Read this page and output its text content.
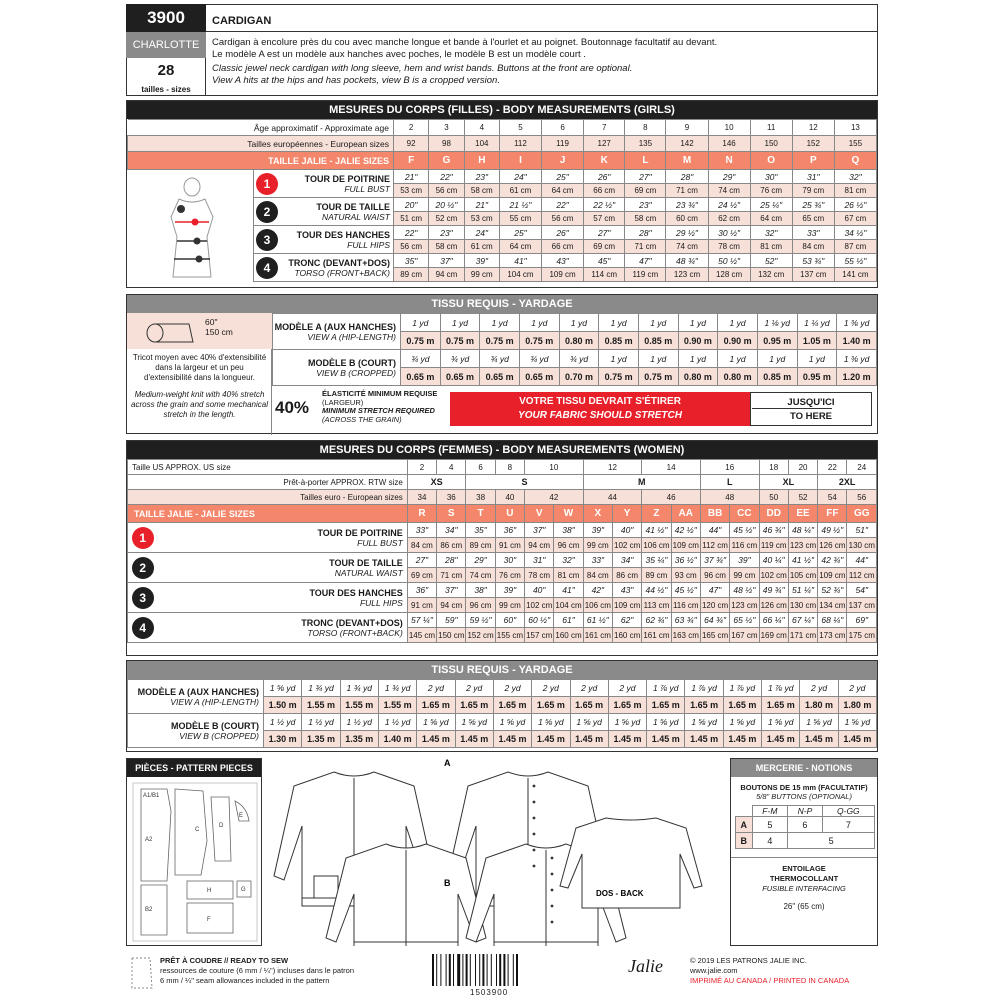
3900	CARDIGAN
CHARLOTTE
28
tailles - sizes
Cardigan à encolure près du cou avec manche longue et bande à l'ourlet et au poignet. Boutonnage facultatif au devant.
Le modèle A est un modèle aux hanches avec poches, le modèle B est un modèle court .
Classic jewel neck cardigan with long sleeve, hem and wrist bands. Buttons at the front are optional.
View A hits at the hips and has pockets, view B is a cropped version.
MESURES DU CORPS (FILLES) - BODY MEASUREMENTS (GIRLS)
Âge approximatif - Approximate age		2	3	4	5	6	7	8	9	10	11	12	13
Tailles européennes - European sizes		92	98	104	112	119	127	135	142	146	150	152	155
TAILLE JALIE - JALIE SIZES		F	G	H	I	J	K	L	M	N	O	P	Q
	1 TOUR DE POITRINE
FULL BUST	21"	22"	23"	24"	25"	26"	27"	28"	29"	30"	31"	32"
		53 cm	56 cm	58 cm	61 cm	64 cm	66 cm	69 cm	71 cm	74 cm	76 cm	79 cm	81 cm
	2 TOUR DE TAILLE
NATURAL WAIST	20"	20 ½"	21"	21 ½"	22"	22 ½"	23"	23 ¾"	24 ½"	25 ¼"	25 ¾"	26 ½"
		51 cm	52 cm	53 cm	55 cm	56 cm	57 cm	58 cm	60 cm	62 cm	64 cm	65 cm	67 cm
	3 TOUR DES HANCHES
FULL HIPS	22"	23"	24"	25"	26"	27"	28"	29 ½"	30 ½"	32"	33"	34 ½"
		56 cm	58 cm	61 cm	64 cm	66 cm	69 cm	71 cm	74 cm	78 cm	81 cm	84 cm	87 cm
	4 TRONC (DEVANT+DOS)
TORSO (FRONT+BACK)	35"	37"	39"	41"	43"	45"	47"	48 ¾"	50 ½"	52"	53 ¾"	55 ½"
		89 cm	94 cm	99 cm	104 cm	109 cm	114 cm	119 cm	123 cm	128 cm	132 cm	137 cm	141 cm
TISSU REQUIS - YARDAGE
60"
150 cm
Tricot moyen avec 40% d'extensibilité dans la largeur et un peu d'extensibilité dans la longueur.
Medium-weight knit with 40% stretch across the grain and some mechanical stretch in the length.
MODÈLE A (AUX HANCHES)
VIEW A (HIP-LENGTH)	1 yd	1 yd	1 yd	1 yd	1 yd	1 yd	1 yd	1 yd	1 yd	1 ⅛ yd	1 ¼ yd	1 ⅜ yd
	0.75 m	0.75 m	0.75 m	0.75 m	0.80 m	0.85 m	0.85 m	0.90 m	0.90 m	0.95 m	1.05 m	1.40 m

MODÈLE B (COURT)
VIEW B (CROPPED)	¾ yd	¾ yd	¾ yd	¾ yd	¾ yd	1 yd	1 yd	1 yd	1 yd	1 yd	1 yd	1 ⅜ yd
	0.65 m	0.65 m	0.65 m	0.65 m	0.70 m	0.75 m	0.75 m	0.80 m	0.80 m	0.85 m	0.95 m	1.20 m
40%
ÉLASTICITÉ MINIMUM REQUISE
(LARGEUR)
MINIMUM STRETCH REQUIRED
(ACROSS THE GRAIN)
VOTRE TISSU DEVRAIT S'ÉTIRER
YOUR FABRIC SHOULD STRETCH
JUSQU'ICI
TO HERE
MESURES DU CORPS (FEMMES) - BODY MEASUREMENTS (WOMEN)
Taille US APPROX. US size		2	4	6	8	10		12		14		16		18	20	22	24
Prêt-à-porter APPROX. RTW size		XS		S				M				L		XL		2XL	
Tailles euro - European sizes		34	36	38	40	42		44		46		48		50	52	54	56
TAILLE JALIE - JALIE SIZES		R	S	T	U	V	W	X	Y	Z	AA	BB	CC	DD	EE	FF	GG
1	TOUR DE POITRINE
FULL BUST	33"	34"	35"	36"	37"	38"	39"	40"	41 ½"	42 ½"	44"	45 ½"	46 ¾"	48 ¼"	49 ½"	51"
		84 cm	86 cm	89 cm	91 cm	94 cm	96 cm	99 cm	102 cm	106 cm	109 cm	112 cm	116 cm	119 cm	123 cm	126 cm	130 cm
2	TOUR DE TAILLE
NATURAL WAIST	27"	28"	29"	30"	31"	32"	33"	34"	35 ¼"	36 ½"	37 ¾"	39"	40 ¼"	41 ½"	42 ¾"	44"
		69 cm	71 cm	74 cm	76 cm	78 cm	81 cm	84 cm	86 cm	89 cm	93 cm	96 cm	99 cm	102 cm	105 cm	109 cm	112 cm
3	TOUR DES HANCHES
FULL HIPS	36"	37"	38"	39"	40"	41"	42"	43"	44 ½"	45 ½"	47"	48 ½"	49 ¾"	51 ¼"	52 ¾"	54"
		91 cm	94 cm	96 cm	99 cm	102 cm	104 cm	106 cm	109 cm	113 cm	116 cm	120 cm	123 cm	126 cm	130 cm	134 cm	137 cm
4	TRONC (DEVANT+DOS)
TORSO (FRONT+BACK)	57 ¼"	59"	59 ½"	60"	60 ½"	61"	61 ½"	62"	62 ¾"	63 ¾"	64 ¾"	65 ½"	66 ¼"	67 ¼"	68 ¼"	69"
		145 cm	150 cm	152 cm	155 cm	157 cm	160 cm	161 cm	160 cm	161 cm	163 cm	165 cm	167 cm	169 cm	171 cm	173 cm	175 cm
TISSU REQUIS - YARDAGE
MODÈLE A (AUX HANCHES)
VIEW A (HIP-LENGTH)	1 ⅝ yd	1 ¾ yd	1 ¾ yd	1 ¾ yd	2 yd	2 yd	2 yd	2 yd	2 yd	2 yd	1 ⅞ yd	1 ⅞ yd	1 ⅞ yd	1 ⅞ yd	2 yd	2 yd
	1.50 m	1.55 m	1.55 m	1.55 m	1.65 m	1.65 m	1.65 m	1.65 m	1.65 m	1.65 m	1.65 m	1.65 m	1.65 m	1.65 m	1.80 m	1.80 m

MODÈLE B (COURT)
VIEW B (CROPPED)	1 ½ yd	1 ½ yd	1 ½ yd	1 ½ yd	1 ⅝ yd	1 ⅝ yd	1 ⅝ yd	1 ⅝ yd	1 ⅝ yd	1 ⅝ yd	1 ⅝ yd	1 ⅝ yd	1 ⅝ yd	1 ⅝ yd	1 ⅝ yd	1 ⅝ yd
	1.30 m	1.35 m	1.35 m	1.40 m	1.45 m	1.45 m	1.45 m	1.45 m	1.45 m	1.45 m	1.45 m	1.45 m	1.45 m	1.45 m	1.45 m	1.45 m
PIÈCES - PATTERN PIECES
A1/B1
A2
B2
C
D
E
F
G
H
A
B
DOS - BACK
MERCERIE - NOTIONS
BOUTONS DE 15 mm (FACULTATIF)
5/8" BUTTONS (OPTIONAL)
	F-M	N-P	Q-GG
A	5	6	7
B	4	5	
ENTOILAGE
THERMOCOLLANT
FUSIBLE INTERFACING
26" (65 cm)
PRÊT À COUDRE // READY TO SEW
ressources de couture (6 mm / ¼") incluses dans le patron
6 mm / ¼" seam allowances included in the pattern
1503900
Jalie	© 2019 LES PATRONS JALIE INC.
www.jalie.com
IMPRIMÉ AU CANADA / PRINTED IN CANADA
